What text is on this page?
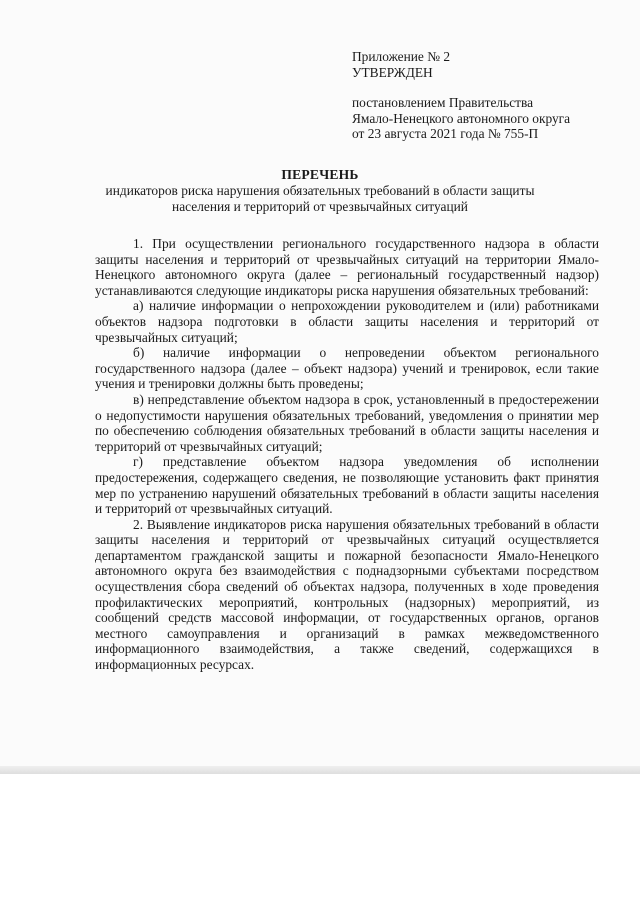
Приложение № 2
УТВЕРЖДЕН
постановлением Правительства
Ямало-Ненецкого автономного округа
от 23 августа 2021 года № 755-П
ПЕРЕЧЕНЬ
индикаторов риска нарушения обязательных требований в области защиты населения и территорий от чрезвычайных ситуаций

1. При осуществлении регионального государственного надзора в области защиты населения и территорий от чрезвычайных ситуаций на территории Ямало-Ненецкого автономного округа (далее – региональный государственный надзор) устанавливаются следующие индикаторы риска нарушения обязательных требований:

а) наличие информации о непрохождении руководителем и (или) работниками объектов надзора подготовки в области защиты населения и территорий от чрезвычайных ситуаций;

б) наличие информации о непроведении объектом регионального государственного надзора (далее – объект надзора) учений и тренировок, если такие учения и тренировки должны быть проведены;

в) непредставление объектом надзора в срок, установленный в предостережении о недопустимости нарушения обязательных требований, уведомления о принятии мер по обеспечению соблюдения обязательных требований в области защиты населения и территорий от чрезвычайных ситуаций;

г) представление объектом надзора уведомления об исполнении предостережения, содержащего сведения, не позволяющие установить факт принятия мер по устранению нарушений обязательных требований в области защиты населения и территорий от чрезвычайных ситуаций.

2. Выявление индикаторов риска нарушения обязательных требований в области защиты населения и территорий от чрезвычайных ситуаций осуществляется департаментом гражданской защиты и пожарной безопасности Ямало-Ненецкого автономного округа без взаимодействия с поднадзорными субъектами посредством осуществления сбора сведений об объектах надзора, полученных в ходе проведения профилактических мероприятий, контрольных (надзорных) мероприятий, из сообщений средств массовой информации, от государственных органов, органов местного самоуправления и организаций в рамках межведомственного информационного взаимодействия, а также сведений, содержащихся в информационных ресурсах.
